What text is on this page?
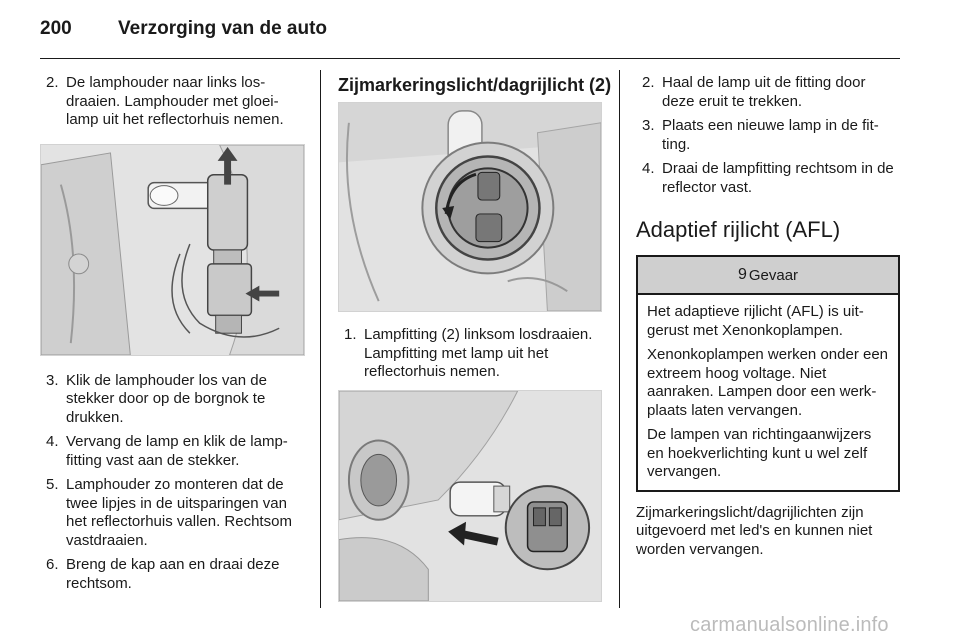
200	Verzorging van de auto
2. De lamphouder naar links losdraaien. Lamphouder met gloeilamp uit het reflectorhuis nemen.
3. Klik de lamphouder los van de stekker door op de borgnok te drukken.
4. Vervang de lamp en klik de lampfitting vast aan de stekker.
5. Lamphouder zo monteren dat de twee lipjes in de uitsparingen van het reflectorhuis vallen. Rechtsom vastdraaien.
6. Breng de kap aan en draai deze rechtsom.
Zijmarkeringslicht/dagrijlicht (2)
1. Lampfitting (2) linksom losdraaien. Lampfitting met lamp uit het reflectorhuis nemen.
2. Haal de lamp uit de fitting door deze eruit te trekken.
3. Plaats een nieuwe lamp in de fitting.
4. Draai de lampfitting rechtsom in de reflector vast.
Adaptief rijlicht (AFL)
9 Gevaar

Het adaptieve rijlicht (AFL) is uitgerust met Xenonkoplampen.

Xenonkoplampen werken onder een extreem hoog voltage. Niet aanraken. Lampen door een werkplaats laten vervangen.

De lampen van richtingaanwijzers en hoekverlichting kunt u wel zelf vervangen.

Zijmarkeringslicht/dagrijlichten zijn uitgevoerd met led's en kunnen niet worden vervangen.

carmanualsonline.info
